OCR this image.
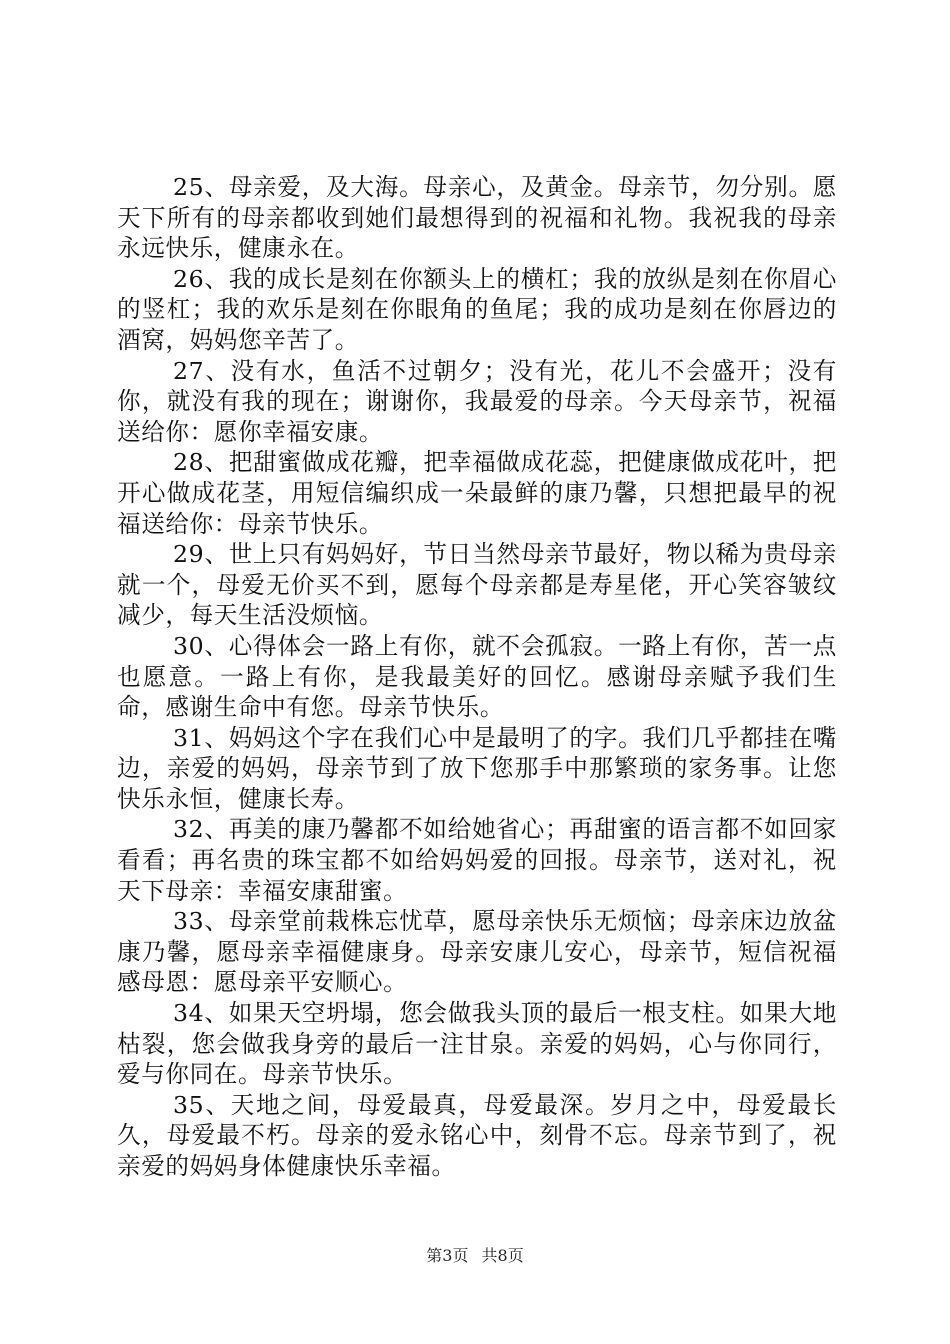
25、母亲爱，及大海。母亲心，及黄金。母亲节，勿分别。愿天下所有的母亲都收到她们最想得到的祝福和礼物。我祝我的母亲永远快乐，健康永在。

26、我的成长是刻在你额头上的横杠；我的放纵是刻在你眉心的竖杠；我的欢乐是刻在你眼角的鱼尾；我的成功是刻在你唇边的酒窝，妈妈您辛苦了。

27、没有水，鱼活不过朝夕；没有光，花儿不会盛开；没有你，就没有我的现在；谢谢你，我最爱的母亲。今天母亲节，祝福送给你：愿你幸福安康。

28、把甜蜜做成花瓣，把幸福做成花蕊，把健康做成花叶，把开心做成花茎，用短信编织成一朵最鲜的康乃馨，只想把最早的祝福送给你：母亲节快乐。

29、世上只有妈妈好，节日当然母亲节最好，物以稀为贵母亲就一个，母爱无价买不到，愿每个母亲都是寿星佬，开心笑容皱纹减少，每天生活没烦恼。

30、心得体会一路上有你，就不会孤寂。一路上有你，苦一点也愿意。一路上有你，是我最美好的回忆。感谢母亲赋予我们生命，感谢生命中有您。母亲节快乐。

31、妈妈这个字在我们心中是最明了的字。我们几乎都挂在嘴边，亲爱的妈妈，母亲节到了放下您那手中那繁琐的家务事。让您快乐永恒，健康长寿。

32、再美的康乃馨都不如给她省心；再甜蜜的语言都不如回家看看；再名贵的珠宝都不如给妈妈爱的回报。母亲节，送对礼，祝天下母亲：幸福安康甜蜜。

33、母亲堂前栽株忘忧草，愿母亲快乐无烦恼；母亲床边放盆康乃馨，愿母亲幸福健康身。母亲安康儿安心，母亲节，短信祝福感母恩：愿母亲平安顺心。

34、如果天空坍塌，您会做我头顶的最后一根支柱。如果大地枯裂，您会做我身旁的最后一注甘泉。亲爱的妈妈，心与你同行，爱与你同在。母亲节快乐。

35、天地之间，母爱最真，母爱最深。岁月之中，母爱最长久，母爱最不朽。母亲的爱永铭心中，刻骨不忘。母亲节到了，祝亲爱的妈妈身体健康快乐幸福。

第3页 共8页
